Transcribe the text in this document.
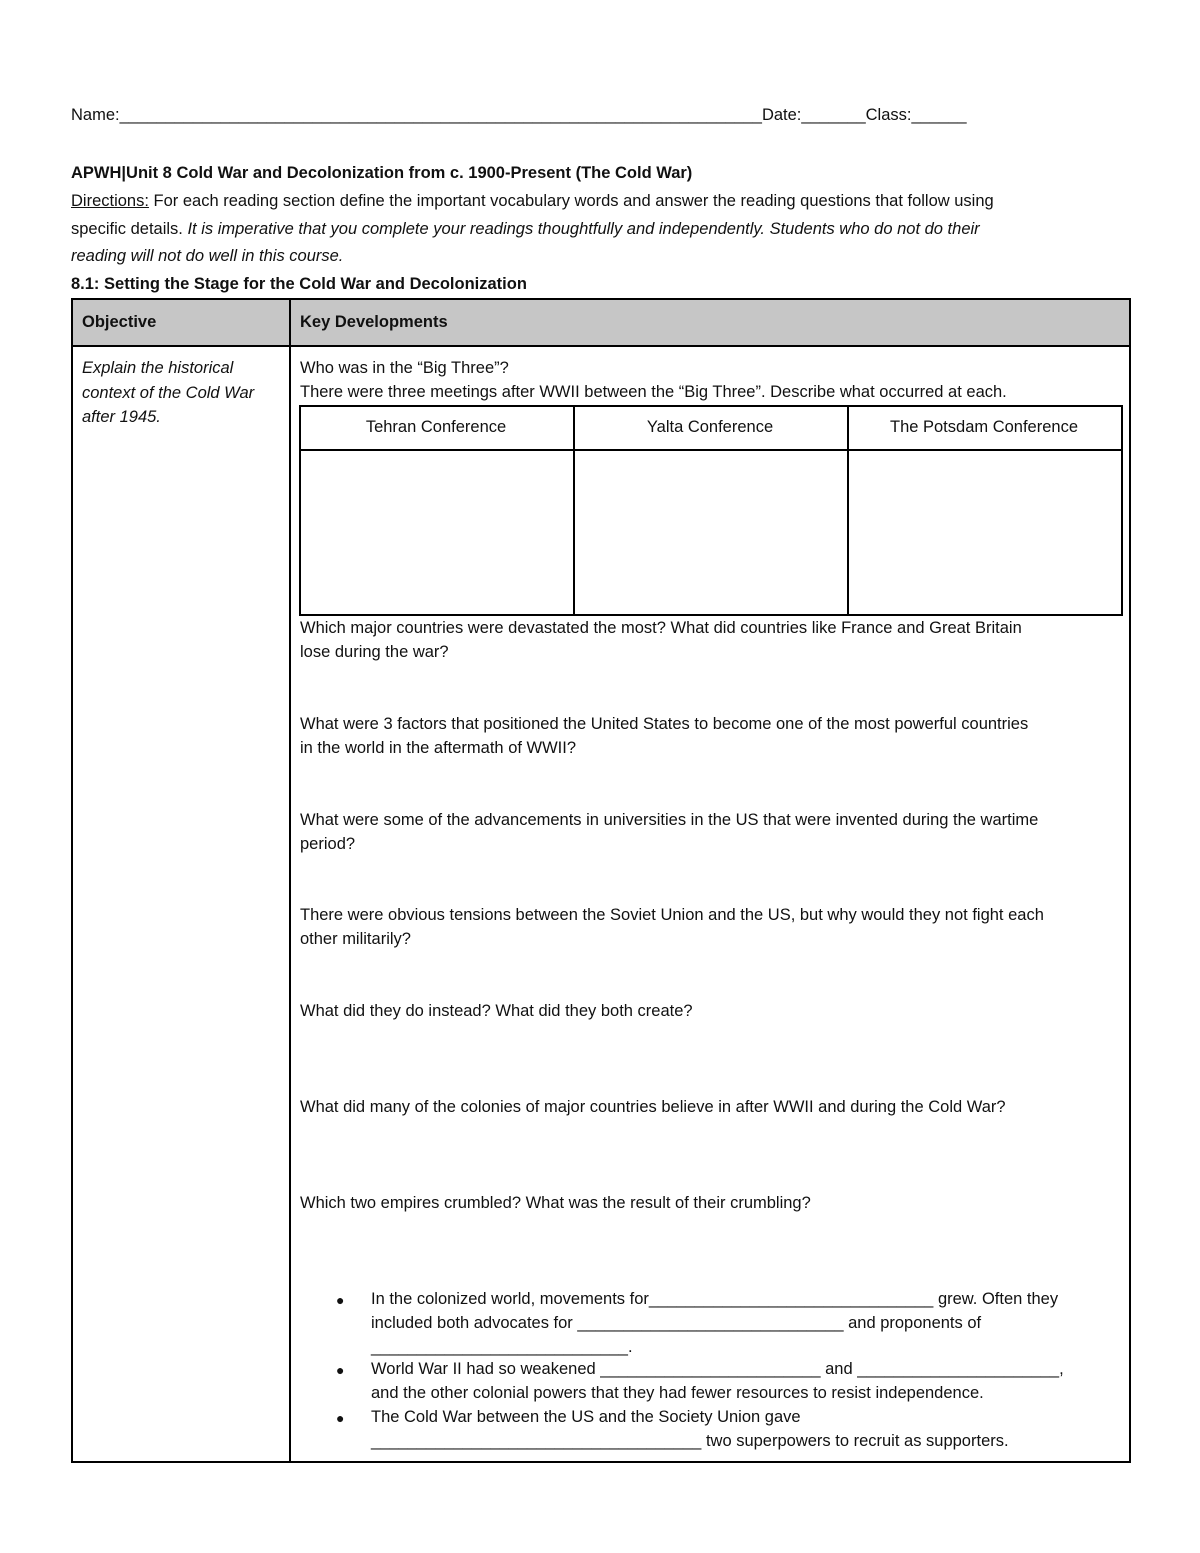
Name:______________________________________________________________________Date:_______Class:______
APWH|Unit 8 Cold War and Decolonization from c. 1900-Present (The Cold War)
Directions: For each reading section define the important vocabulary words and answer the reading questions that follow using
specific details. It is imperative that you complete your readings thoughtfully and independently. Students who do not do their
reading will not do well in this course.
8.1: Setting the Stage for the Cold War and Decolonization
Objective	Key Developments
Explain the historical
context of the Cold War
after 1945.
Who was in the “Big Three”?
There were three meetings after WWII between the “Big Three”. Describe what occurred at each.
Tehran Conference	Yalta Conference	The Potsdam Conference
Which major countries were devastated the most? What did countries like France and Great Britain
lose during the war?
What were 3 factors that positioned the United States to become one of the most powerful countries
in the world in the aftermath of WWII?
What were some of the advancements in universities in the US that were invented during the wartime
period?
There were obvious tensions between the Soviet Union and the US, but why would they not fight each
other militarily?
What did they do instead? What did they both create?
What did many of the colonies of major countries believe in after WWII and during the Cold War?
Which two empires crumbled? What was the result of their crumbling?
● In the colonized world, movements for_______________________________ grew. Often they
included both advocates for _____________________________ and proponents of
____________________________.
● World War II had so weakened ________________________ and ______________________,
and the other colonial powers that they had fewer resources to resist independence.
● The Cold War between the US and the Society Union gave
____________________________________ two superpowers to recruit as supporters.
